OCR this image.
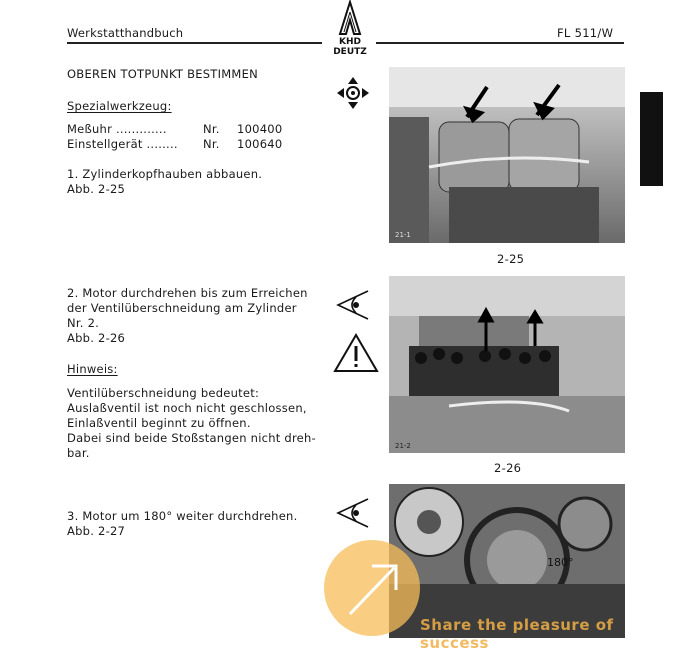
Werkstatthandbuch	FL 511/W
KHD
DEUTZ
OBEREN TOTPUNKT BESTIMMEN
Spezialwerkzeug:
Meßuhr .............	Nr.	100400
Einstellgerät ........	Nr.	100640
1. Zylinderkopfhauben abbauen.
Abb. 2-25
21-1
2-25
2. Motor durchdrehen bis zum Erreichen
der Ventilüberschneidung am Zylinder
Nr. 2.
Abb. 2-26
Hinweis:
Ventilüberschneidung bedeutet:
Auslaßventil ist noch nicht geschlossen,
Einlaßventil beginnt zu öffnen.
Dabei sind beide Stoßstangen nicht dreh-
bar.	21-2
2-26
3. Motor um 180° weiter durchdrehen.
Abb. 2-27
180°
Share the pleasure of success
